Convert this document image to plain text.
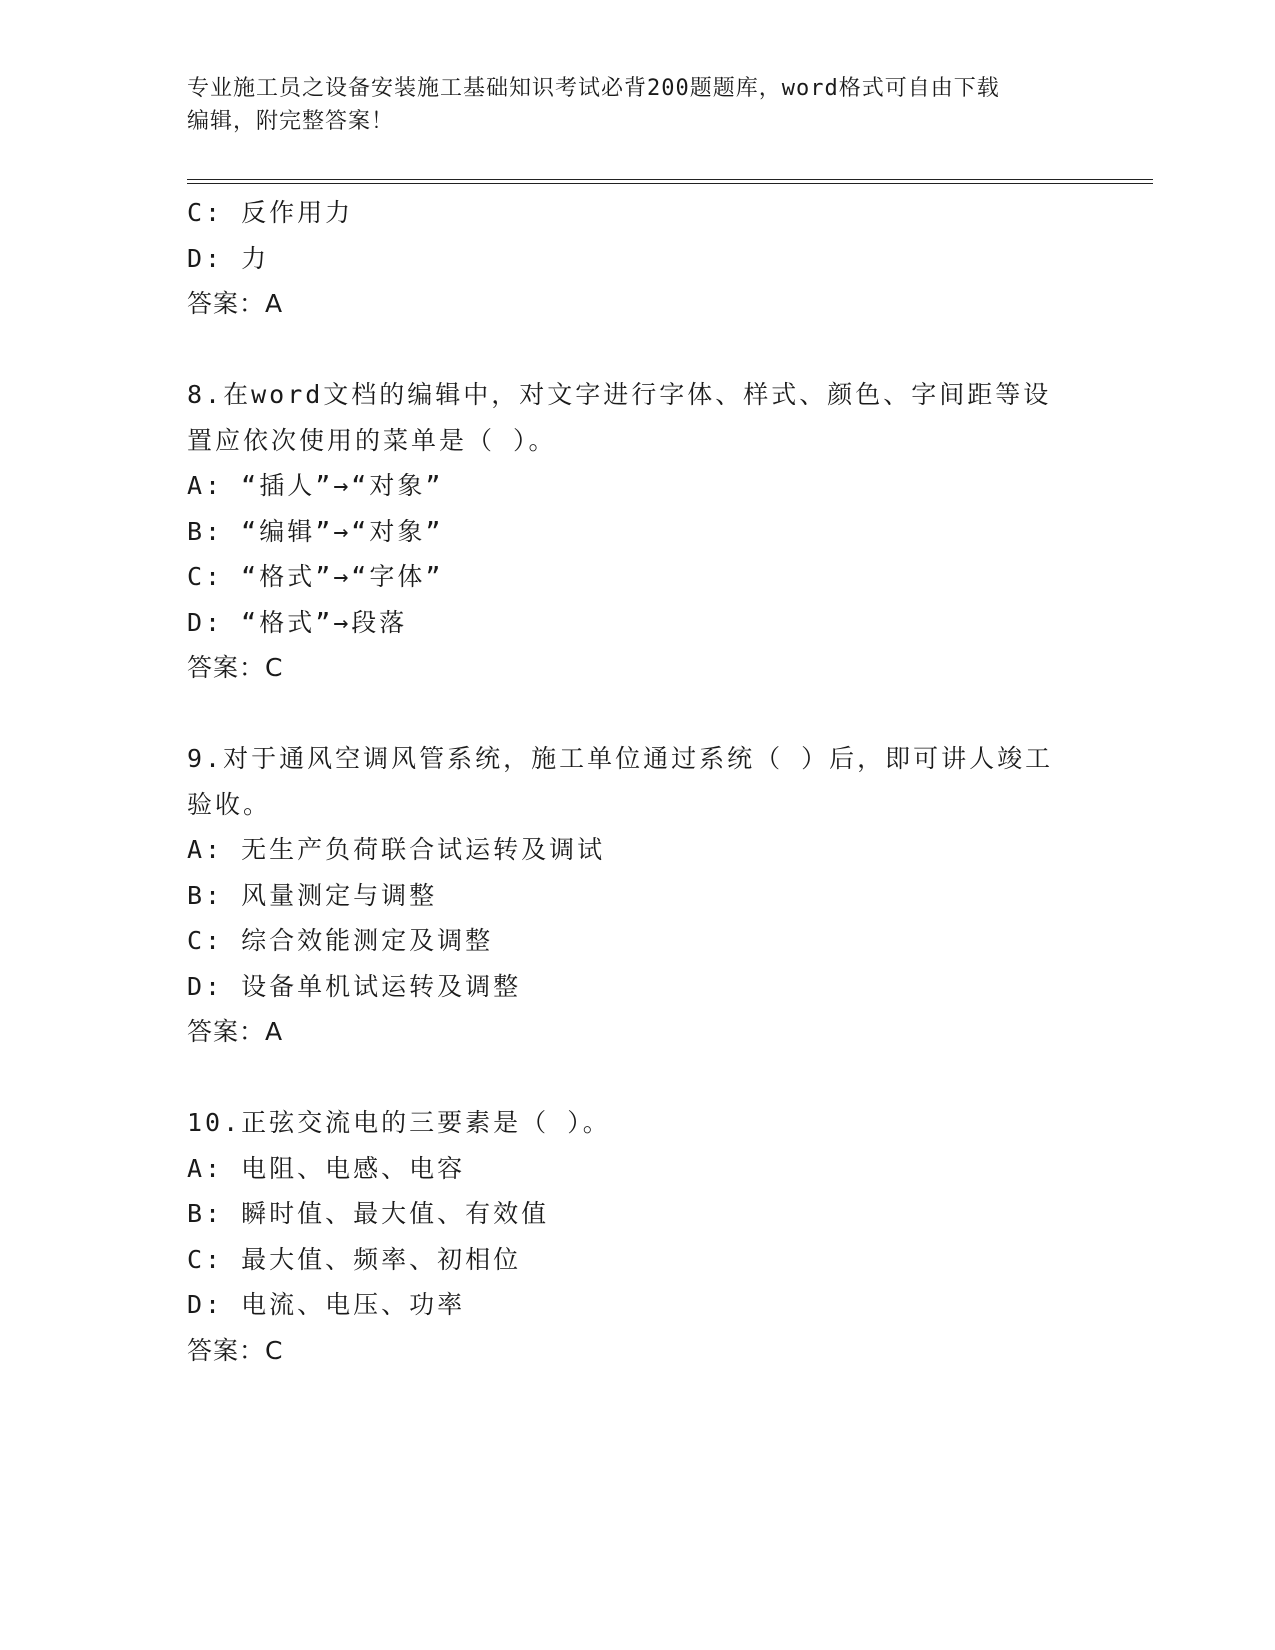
专业施工员之设备安装施工基础知识考试必背200题题库，word格式可自由下载
编辑，附完整答案！
C: 反作用力
D: 力
答案：A
8.在word文档的编辑中，对文字进行字体、样式、颜色、字间距等设
置应依次使用的菜单是（ ）。
A: “插人”→“对象”
B: “编辑”→“对象”
C: “格式”→“字体”
D: “格式”→段落
答案：C
9.对于通风空调风管系统，施工单位通过系统（ ）后，即可讲人竣工
验收。
A: 无生产负荷联合试运转及调试
B: 风量测定与调整
C: 综合效能测定及调整
D: 设备单机试运转及调整
答案：A
10.正弦交流电的三要素是（ ）。
A: 电阻、电感、电容
B: 瞬时值、最大值、有效值
C: 最大值、频率、初相位
D: 电流、电压、功率
答案：C
